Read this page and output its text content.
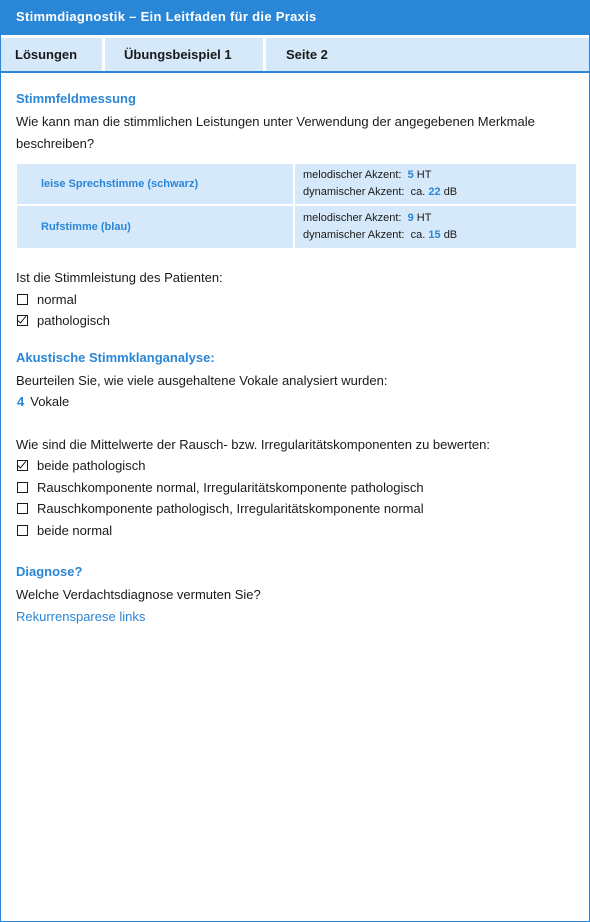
Stimmdiagnostik – Ein Leitfaden für die Praxis
Lösungen	Übungsbeispiel 1	Seite 2
Stimmfeldmessung
Wie kann man die stimmlichen Leistungen unter Verwendung der angegebenen Merkmale beschreiben?
leise Sprechstimme (schwarz)	melodischer Akzent: 5 HT
dynamischer Akzent: ca. 22 dB

Rufstimme (blau)	melodischer Akzent: 9 HT
dynamischer Akzent: ca. 15 dB
Ist die Stimmleistung des Patienten:
normal
pathologisch
Akustische Stimmklanganalyse:
Beurteilen Sie, wie viele ausgehaltene Vokale analysiert wurden:
4 Vokale
Wie sind die Mittelwerte der Rausch- bzw. Irregularitätskomponenten zu bewerten:
beide pathologisch
Rauschkomponente normal, Irregularitätskomponente pathologisch
Rauschkomponente pathologisch, Irregularitätskomponente normal
beide normal
Diagnose?
Welche Verdachtsdiagnose vermuten Sie?
Rekurrensparese links
